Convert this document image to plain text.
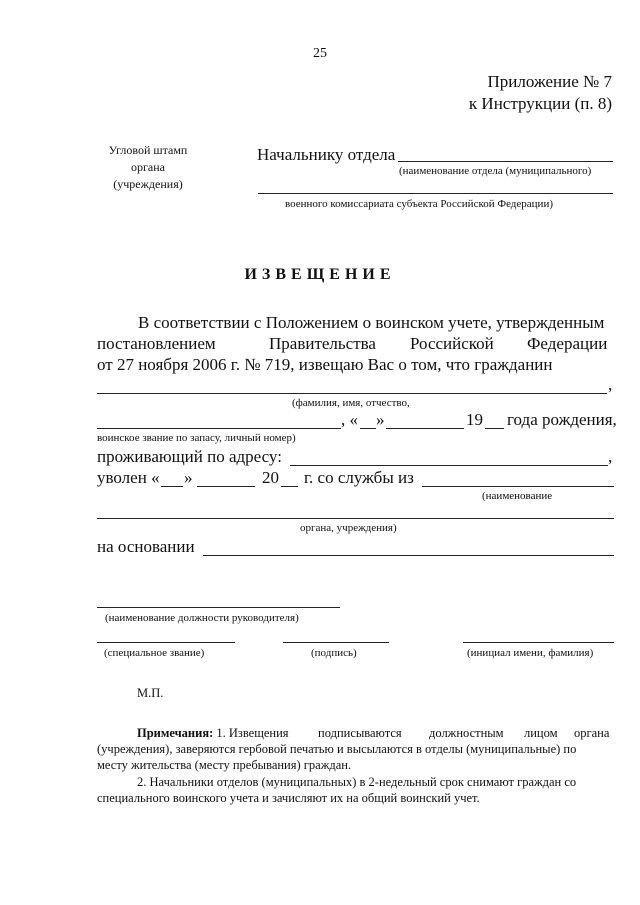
25
Приложение № 7
к Инструкции (п. 8)
Угловой штамп
органа
(учреждения)
Начальнику отдела
(наименование отдела (муниципального)
военного комиссариата субъекта Российской Федерации)
ИЗВЕЩЕНИЕ
В соответствии с Положением о воинском учете, утвержденным
постановлением	Правительства Российской Федерации
от 27 ноября 2006 г. № 719, извещаю Вас о том, что гражданин
,
(фамилия, имя, отчество,
, « »	19 года рождения,
воинское звание по запасу, личный номер)
проживающий по адресу:	,
уволен « »	20 г. со службы из
(наименование
органа, учреждения)
на основании
(наименование должности руководителя)
(специальное звание)	(подпись)	(инициал имени, фамилия)
М.П.
Примечания: 1. Извещения подписываются должностным лицом органа
(учреждения), заверяются гербовой печатью и высылаются в отделы (муниципальные) по
месту жительства (месту пребывания) граждан.
2. Начальники отделов (муниципальных) в 2-недельный срок снимают граждан со
специального воинского учета и зачисляют их на общий воинский учет.
